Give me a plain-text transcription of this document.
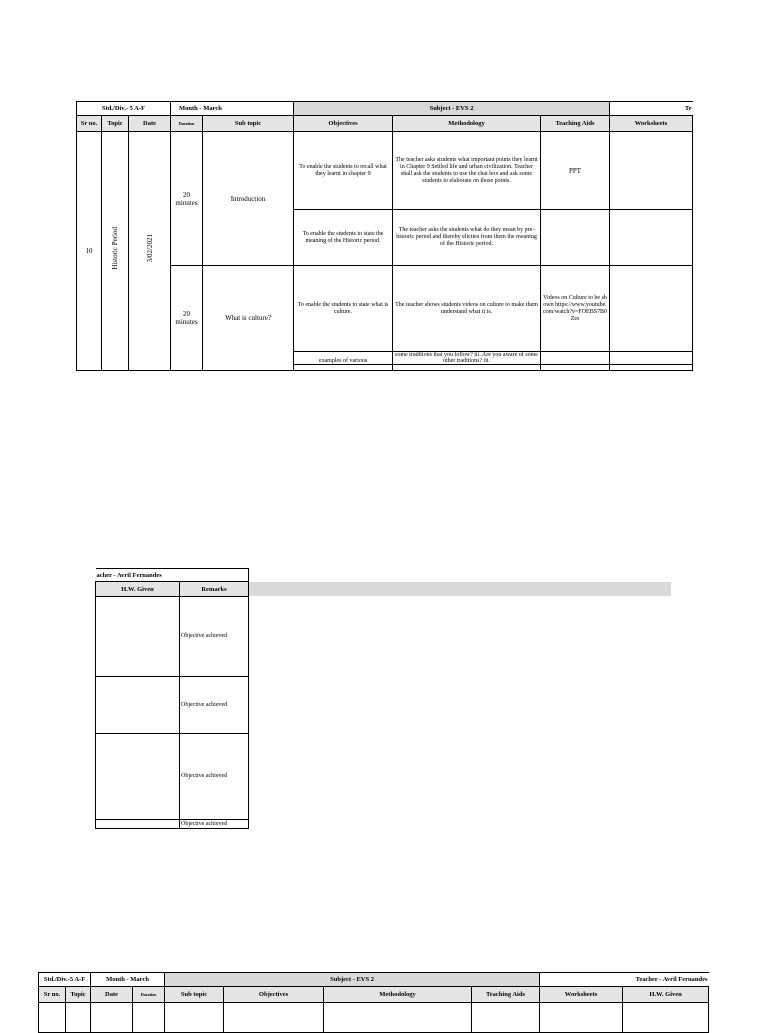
Std./Div.- 5 A-F			Month - March		Subject - EVS 2			Te
Sr no.	Topic	Date	Duration	Sub topic	Objectives	Methodology	Teaching Aids	Worksheets
10	Historic Period	3/02/2021	20 minutes	Introduction	To enable the students to recall what they learnt in chapter 9	The teacher asks students what important points they learnt in Chapter 9 Settled life and urban civilization. Teacher shall ask the students to use the chat box and ask some students to elaborate on those points.	PPT	
					To enable the students to state the meaning of the Historic period.	The teacher asks the students what do they mean by pre-historic period and thereby elicites from them the meaning of the Historic period.		
			20 minutes	What is culture?	To enable the students to state what is culture.	The teacher shows students videos on culture to make them understand what it is.	Videos on Culture to be shown https://www.youtube.com/watch?v=FOEBS7B0Zes	
					examples of various	some traditions that you follow? iii. Are you aware of some other traditions? iii.		

acher - Avril Fernandes	
H.W. Given	Remarks
	Objective achieved
	Objective achieved
	Objective achieved
	Objective achieved
Std./Div.-5 A-F		Month - March		Subject - EVS 2				Teacher - Avril Fernandes	
Sr no.	Topic	Date	Duration	Sub topic	Objectives	Methodology	Teaching Aids	Worksheets	H.W. Given
